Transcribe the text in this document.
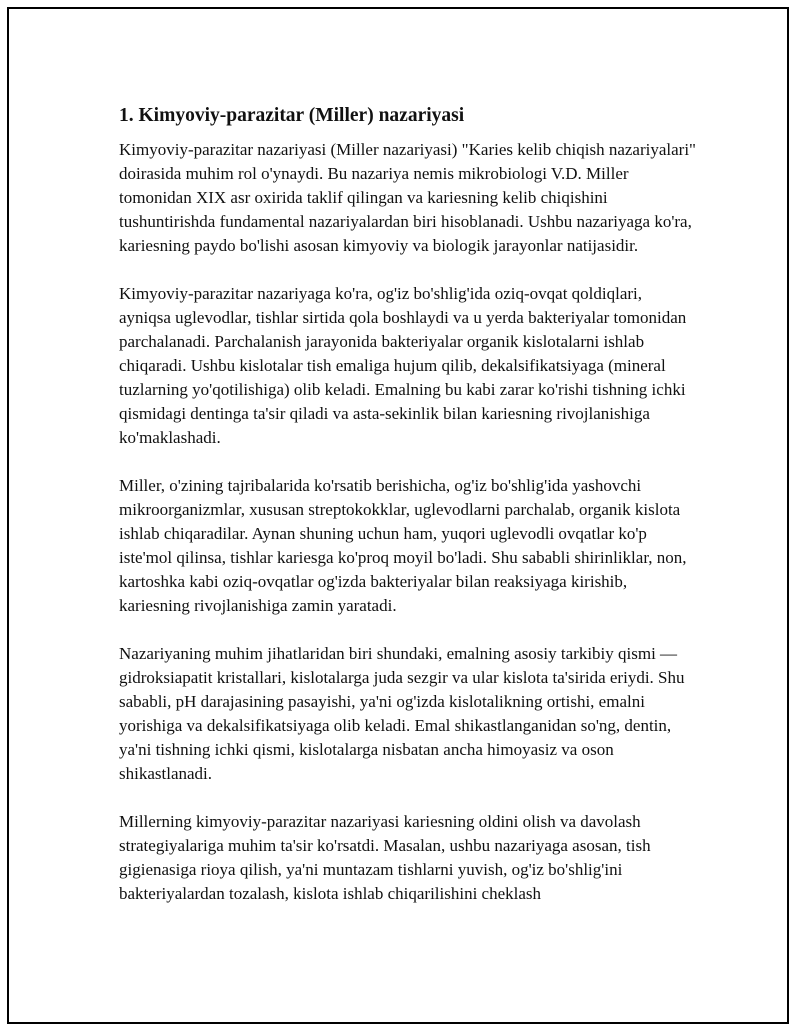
1. Kimyoviy-parazitar (Miller) nazariyasi

Kimyoviy-parazitar nazariyasi (Miller nazariyasi) "Karies kelib chiqish nazariyalari" doirasida muhim rol o'ynaydi. Bu nazariya nemis mikrobiologi V.D. Miller tomonidan XIX asr oxirida taklif qilingan va kariesning kelib chiqishini tushuntirishda fundamental nazariyalardan biri hisoblanadi. Ushbu nazariyaga ko'ra, kariesning paydo bo'lishi asosan kimyoviy va biologik jarayonlar natijasidir.

Kimyoviy-parazitar nazariyaga ko'ra, og'iz bo'shlig'ida oziq-ovqat qoldiqlari, ayniqsa uglevodlar, tishlar sirtida qola boshlaydi va u yerda bakteriyalar tomonidan parchalanadi. Parchalanish jarayonida bakteriyalar organik kislotalarni ishlab chiqaradi. Ushbu kislotalar tish emaliga hujum qilib, dekalsifikatsiyaga (mineral tuzlarning yo'qotilishiga) olib keladi. Emalning bu kabi zarar ko'rishi tishning ichki qismidagi dentinga ta'sir qiladi va asta-sekinlik bilan kariesning rivojlanishiga ko'maklashadi.

Miller, o'zining tajribalarida ko'rsatib berishicha, og'iz bo'shlig'ida yashovchi mikroorganizmlar, xususan streptokokklar, uglevodlarni parchalab, organik kislota ishlab chiqaradilar. Aynan shuning uchun ham, yuqori uglevodli ovqatlar ko'p iste'mol qilinsa, tishlar kariesga ko'proq moyil bo'ladi. Shu sababli shirinliklar, non, kartoshka kabi oziq-ovqatlar og'izda bakteriyalar bilan reaksiyaga kirishib, kariesning rivojlanishiga zamin yaratadi.

Nazariyaning muhim jihatlaridan biri shundaki, emalning asosiy tarkibiy qismi — gidroksiapatit kristallari, kislotalarga juda sezgir va ular kislota ta'sirida eriydi. Shu sababli, pH darajasining pasayishi, ya'ni og'izda kislotalikning ortishi, emalni yorishiga va dekalsifikatsiyaga olib keladi. Emal shikastlanganidan so'ng, dentin, ya'ni tishning ichki qismi, kislotalarga nisbatan ancha himoyasiz va oson shikastlanadi.

Millerning kimyoviy-parazitar nazariyasi kariesning oldini olish va davolash strategiyalariga muhim ta'sir ko'rsatdi. Masalan, ushbu nazariyaga asosan, tish gigienasiga rioya qilish, ya'ni muntazam tishlarni yuvish, og'iz bo'shlig'ini bakteriyalardan tozalash, kislota ishlab chiqarilishini cheklash
